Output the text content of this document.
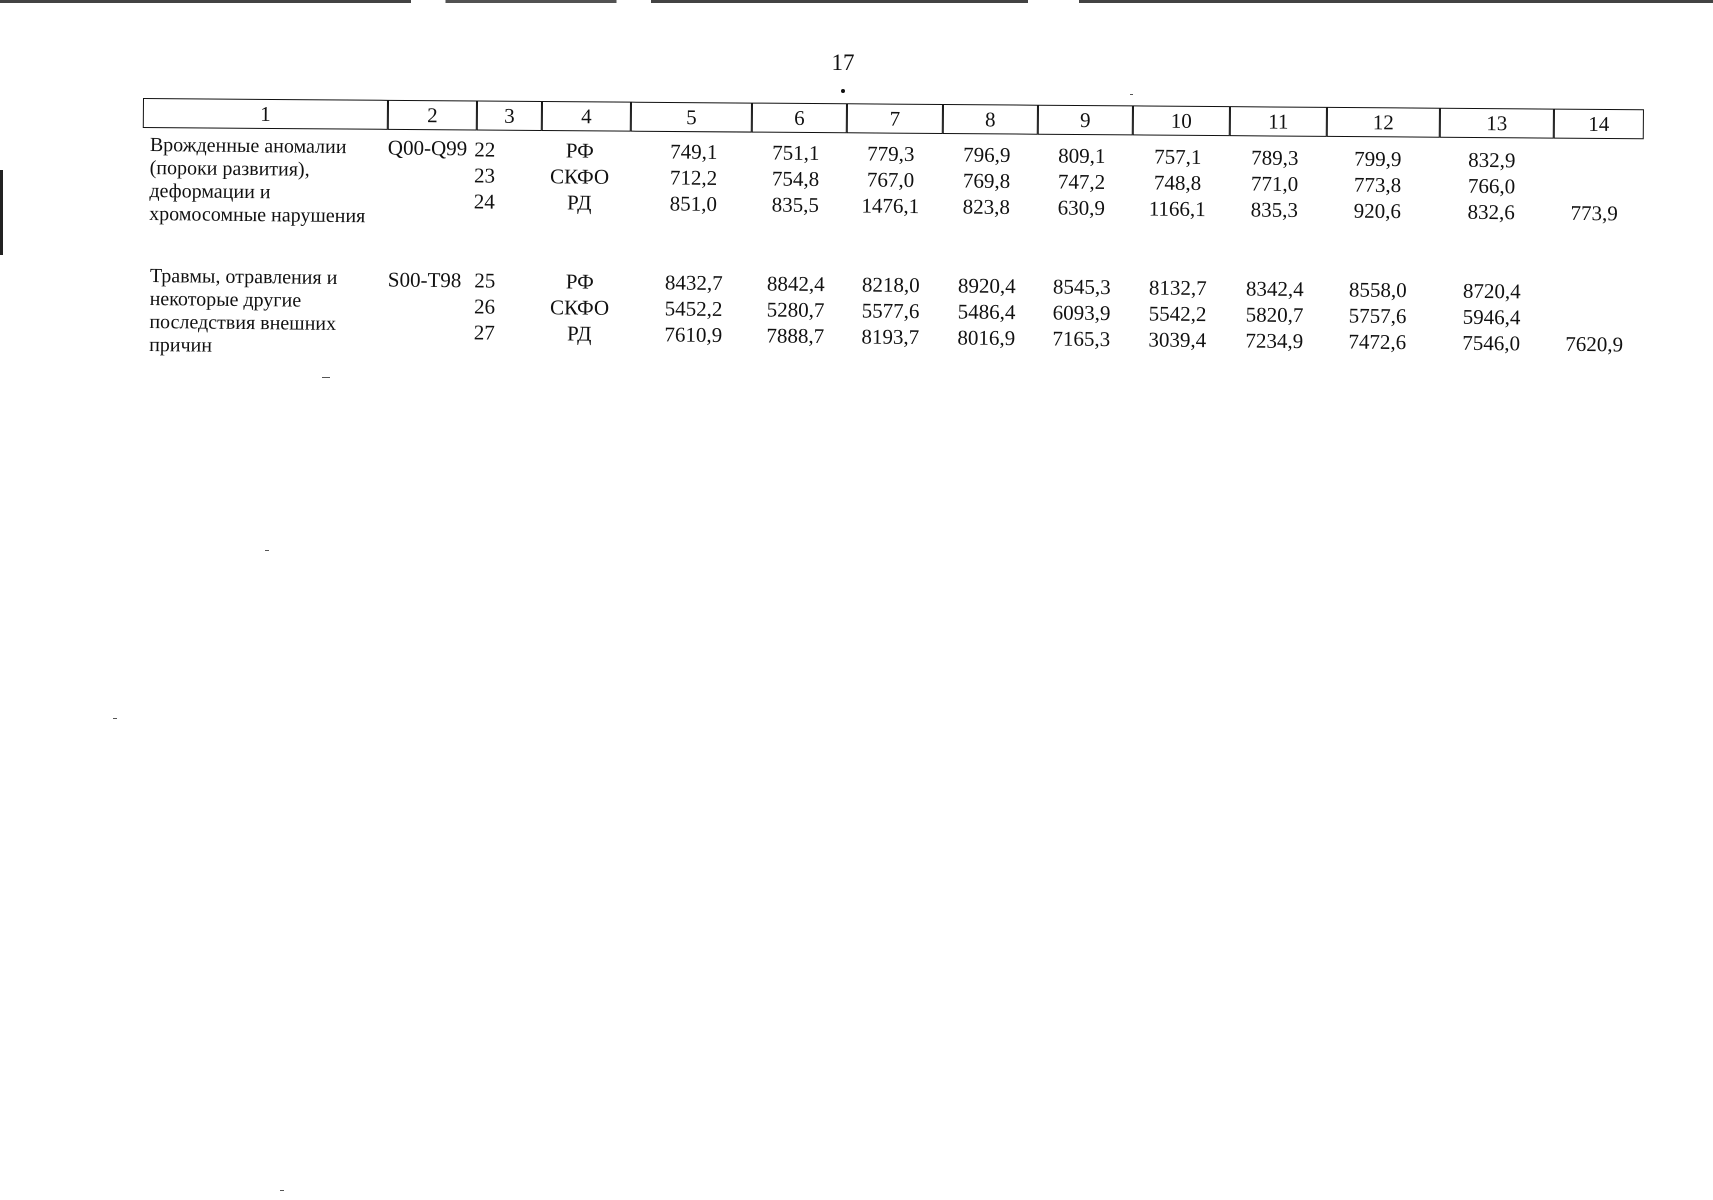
17
1	2	3	4	5	6	7	8	9	10	11	12	13	14
Врожденные аномалии (пороки развития), деформации и хромосомные нарушения
Q00-Q99 22	РФ	749,1	751,1	779,3	796,9	809,1	757,1	789,3	799,9	832,9
23	СКФО	712,2	754,8	767,0	769,8	747,2	748,8	771,0	773,8	766,0
24	РД	851,0	835,5	1476,1	823,8	630,9	1166,1	835,3	920,6	832,6	773,9
Травмы, отравления и некоторые другие последствия внешних причин
S00-T98 25	РФ	8432,7	8842,4	8218,0	8920,4	8545,3	8132,7	8342,4	8558,0	8720,4
26	СКФО	5452,2	5280,7	5577,6	5486,4	6093,9	5542,2	5820,7	5757,6	5946,4
27	РД	7610,9	7888,7	8193,7	8016,9	7165,3	3039,4	7234,9	7472,6	7546,0	7620,9
